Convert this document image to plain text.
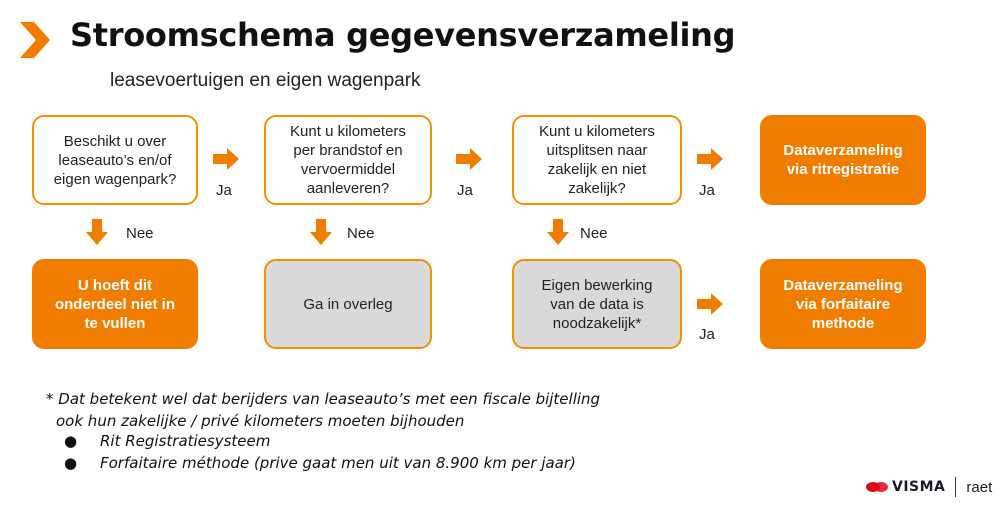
Stroomschema gegevensverzameling
leasevoertuigen en eigen wagenpark
Beschikt u over
leaseauto’s en/of
eigen wagenpark?
Kunt u kilometers
per brandstof en
vervoermiddel
aanleveren?
Kunt u kilometers
uitsplitsen naar
zakelijk en niet
zakelijk?
Dataverzameling
via ritregistratie
Ja	Ja	Ja
Nee	Nee	Nee
U hoeft dit
onderdeel niet in
te vullen
Ga in overleg
Eigen bewerking
van de data is
noodzakelijk*
Dataverzameling
via forfaitaire
methode
Ja
* Dat betekent wel dat berijders van leaseauto’s met een fiscale bijtelling
ook hun zakelijke / privé kilometers moeten bijhouden
●	Rit Registratiesysteem
●	Forfaitaire méthode (prive gaat men uit van 8.900 km per jaar)
VISMA raet
